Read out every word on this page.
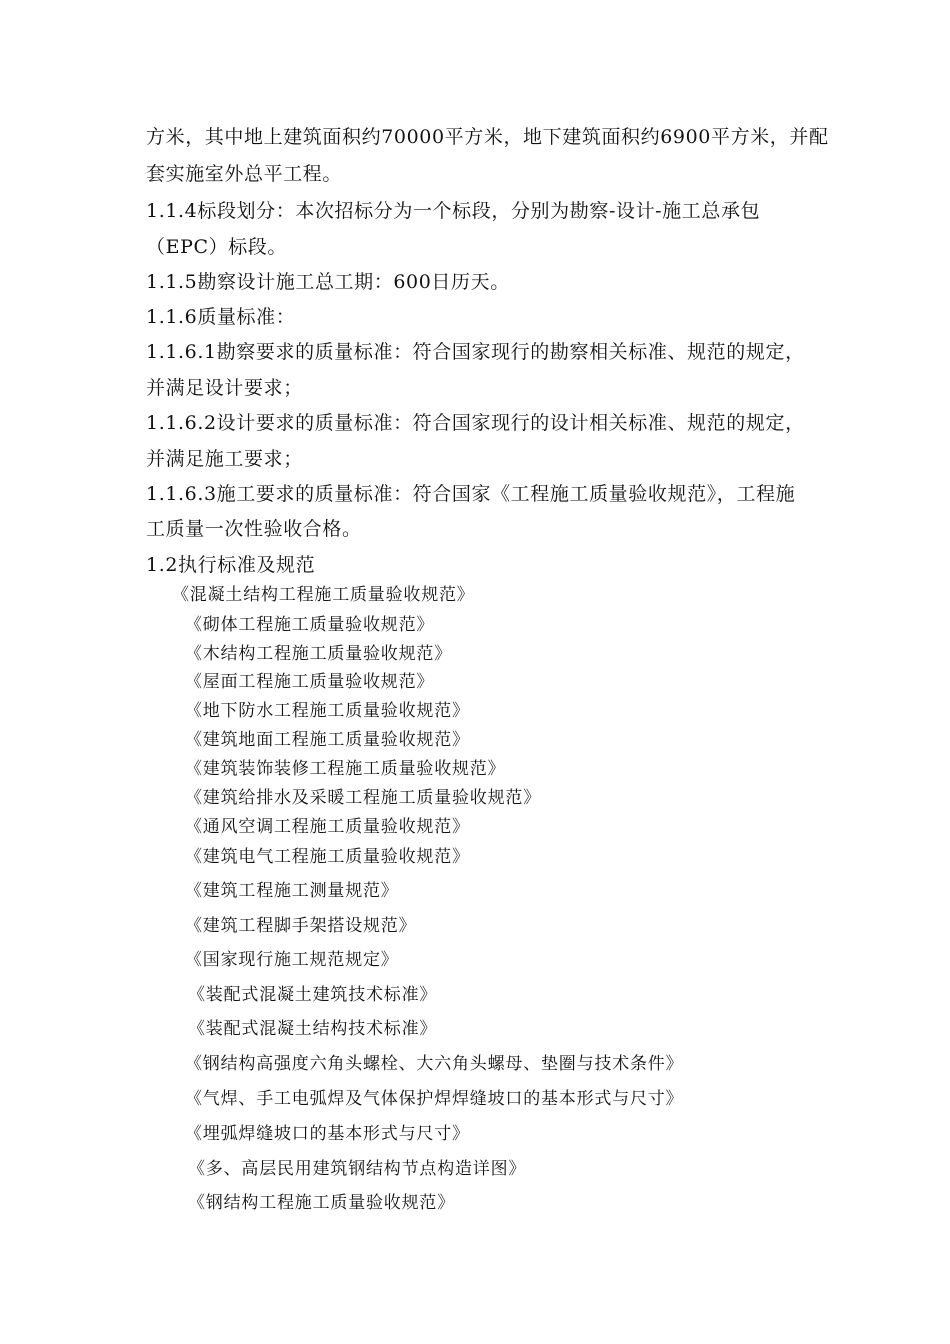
方米，其中地上建筑面积约70000平方米，地下建筑面积约6900平方米，并配
套实施室外总平工程。
1.1.4标段划分：本次招标分为一个标段，分别为勘察-设计-施工总承包
（EPC）标段。
1.1.5勘察设计施工总工期：600日历天。
1.1.6质量标准：
1.1.6.1勘察要求的质量标准：符合国家现行的勘察相关标准、规范的规定，
并满足设计要求；
1.1.6.2设计要求的质量标准：符合国家现行的设计相关标准、规范的规定，
并满足施工要求；
1.1.6.3施工要求的质量标准：符合国家《工程施工质量验收规范》，工程施
工质量一次性验收合格。
1.2执行标准及规范
《混凝土结构工程施工质量验收规范》
《砌体工程施工质量验收规范》
《木结构工程施工质量验收规范》
《屋面工程施工质量验收规范》
《地下防水工程施工质量验收规范》
《建筑地面工程施工质量验收规范》
《建筑装饰装修工程施工质量验收规范》
《建筑给排水及采暖工程施工质量验收规范》
《通风空调工程施工质量验收规范》
《建筑电气工程施工质量验收规范》
《建筑工程施工测量规范》
《建筑工程脚手架搭设规范》
《国家现行施工规范规定》
《装配式混凝土建筑技术标准》
《装配式混凝土结构技术标准》
《钢结构高强度六角头螺栓、大六角头螺母、垫圈与技术条件》
《气焊、手工电弧焊及气体保护焊焊缝坡口的基本形式与尺寸》
《埋弧焊缝坡口的基本形式与尺寸》
《多、高层民用建筑钢结构节点构造详图》
《钢结构工程施工质量验收规范》
